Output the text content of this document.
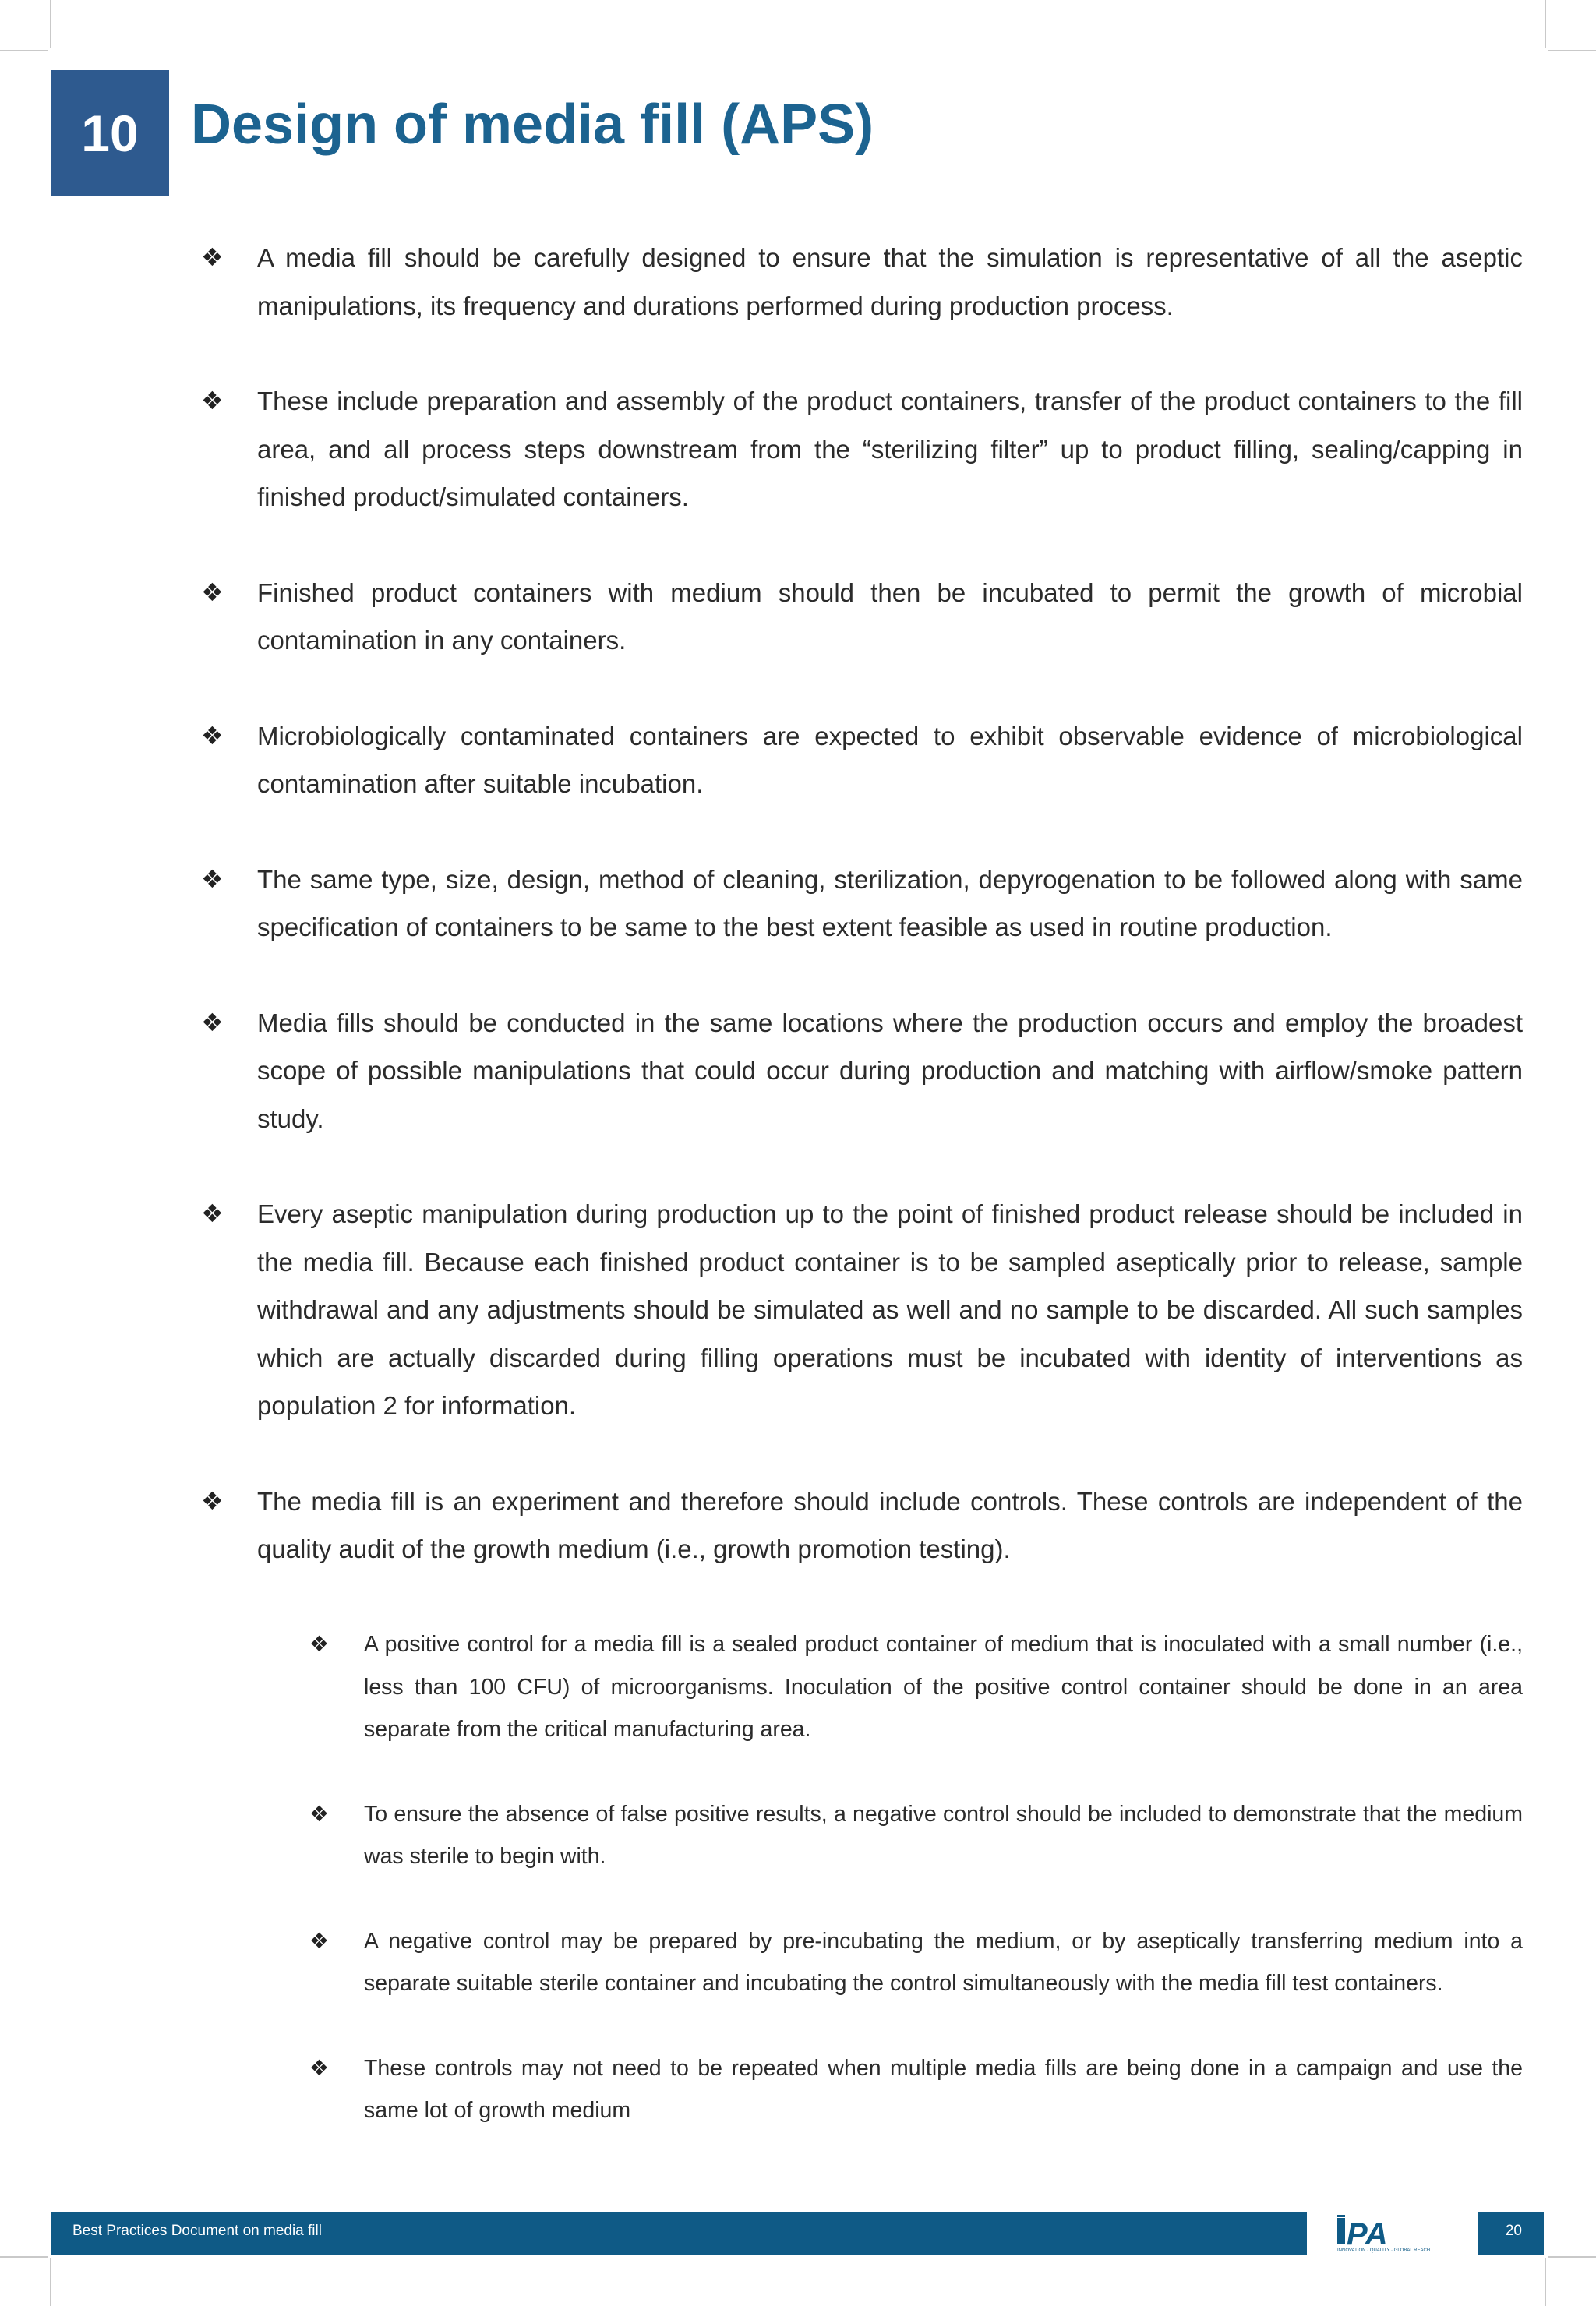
10 Design of media fill (APS)
❖ A media fill should be carefully designed to ensure that the simulation is representative of all the aseptic manipulations, its frequency and durations performed during production process.
❖ These include preparation and assembly of the product containers, transfer of the product containers to the fill area, and all process steps downstream from the “sterilizing filter” up to product filling, sealing/capping in finished product/simulated containers.
❖ Finished product containers with medium should then be incubated to permit the growth of microbial contamination in any containers.
❖ Microbiologically contaminated containers are expected to exhibit observable evidence of microbiological contamination after suitable incubation.
❖ The same type, size, design, method of cleaning, sterilization, depyrogenation to be followed along with same specification of containers to be same to the best extent feasible as used in routine production.
❖ Media fills should be conducted in the same locations where the production occurs and employ the broadest scope of possible manipulations that could occur during production and matching with airflow/smoke pattern study.
❖ Every aseptic manipulation during production up to the point of finished product release should be included in the media fill. Because each finished product container is to be sampled aseptically prior to release, sample withdrawal and any adjustments should be simulated as well and no sample to be discarded. All such samples which are actually discarded during filling operations must be incubated with identity of interventions as population 2 for information.
❖ The media fill is an experiment and therefore should include controls. These controls are independent of the quality audit of the growth medium (i.e., growth promotion testing).
❖ A positive control for a media fill is a sealed product container of medium that is inoculated with a small number (i.e., less than 100 CFU) of microorganisms. Inoculation of the positive control container should be done in an area separate from the critical manufacturing area.
❖ To ensure the absence of false positive results, a negative control should be included to demonstrate that the medium was sterile to begin with.
❖ A negative control may be prepared by pre-incubating the medium, or by aseptically transferring medium into a separate suitable sterile container and incubating the control simultaneously with the media fill test containers.
❖ These controls may not need to be repeated when multiple media fills are being done in a campaign and use the same lot of growth medium
Best Practices Document on media fill	PA
INNOVATION · QUALITY · GLOBAL REACH
20
